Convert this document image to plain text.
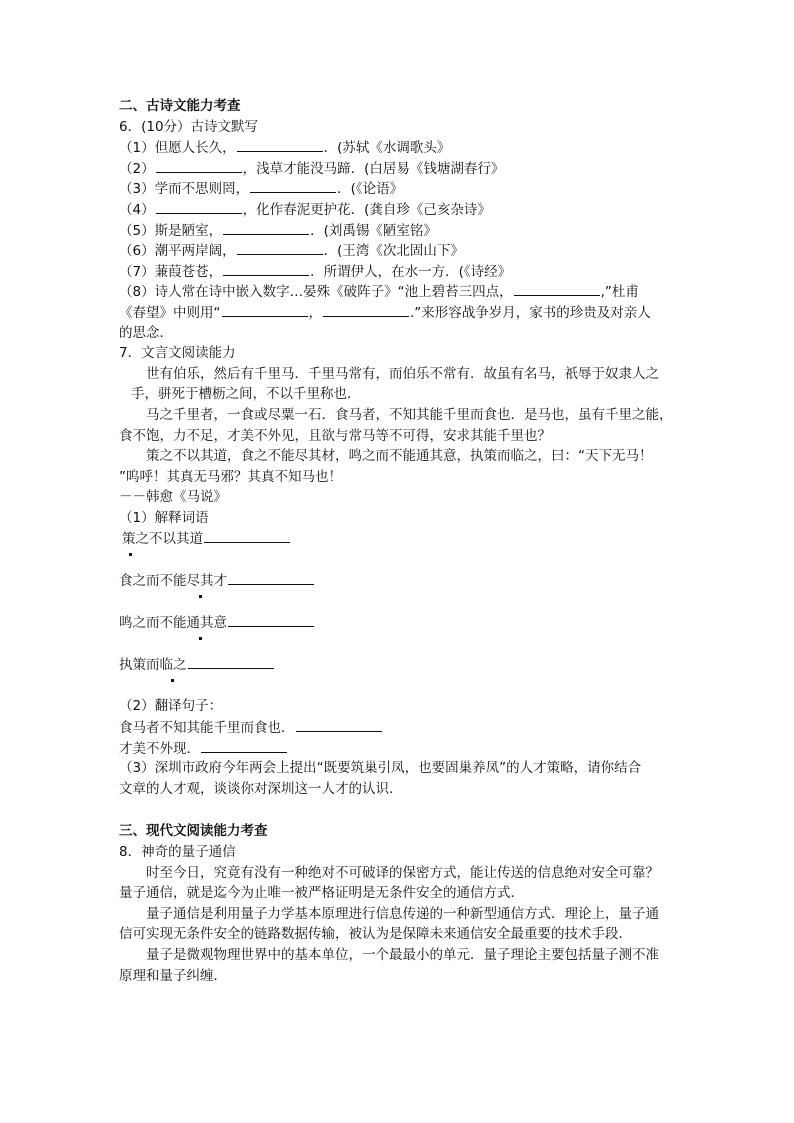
二、古诗文能力考查
6．(10分）古诗文默写
（1）但愿人长久，	．(苏轼《水调歌头》
（2）	，浅草才能没马蹄．(白居易《钱塘湖春行》
（3）学而不思则罔，	．(《论语》
（4）	，化作春泥更护花．(龚自珍《己亥杂诗》
（5）斯是陋室，	．(刘禹锡《陋室铭》
（6）潮平两岸阔，	．(王湾《次北固山下》
（7）蒹葭苍苍，	．所谓伊人，在水一方．(《诗经》
（8）诗人常在诗中嵌入数字…晏殊《破阵子》“池上碧苔三四点，	,”杜甫
《春望》中则用“	，	.”来形容战争岁月，家书的珍贵及对亲人
的思念．
7．文言文阅读能力
世有伯乐，然后有千里马．千里马常有，而伯乐不常有．故虽有名马，祇辱于奴隶人之
手，骈死于槽枥之间，不以千里称也．
马之千里者，一食或尽粟一石．食马者，不知其能千里而食也．是马也，虽有千里之能，
食不饱，力不足，才美不外见，且欲与常马等不可得，安求其能千里也？
策之不以其道，食之不能尽其材，鸣之而不能通其意，执策而临之，曰：“天下无马！
”呜呼！其真无马邪？其真不知马也！
－－韩愈《马说》
（1）解释词语
策之不以其道
食之而不能尽其才
鸣之而不能通其意
执策而临之
（2）翻译句子：
食马者不知其能千里而食也．
才美不外现．
（3）深圳市政府今年两会上提出“既要筑巢引凤，也要固巢养凤”的人才策略，请你结合
文章的人才观，谈谈你对深圳这一人才的认识．
三、现代文阅读能力考查
8．神奇的量子通信
时至今日，究竟有没有一种绝对不可破译的保密方式，能让传送的信息绝对安全可靠？
量子通信，就是迄今为止唯一被严格证明是无条件安全的通信方式．
量子通信是利用量子力学基本原理进行信息传递的一种新型通信方式．理论上，量子通
信可实现无条件安全的链路数据传输，被认为是保障未来通信安全最重要的技术手段．
量子是微观物理世界中的基本单位，一个最最小的单元．量子理论主要包括量子测不准
原理和量子纠缠．
